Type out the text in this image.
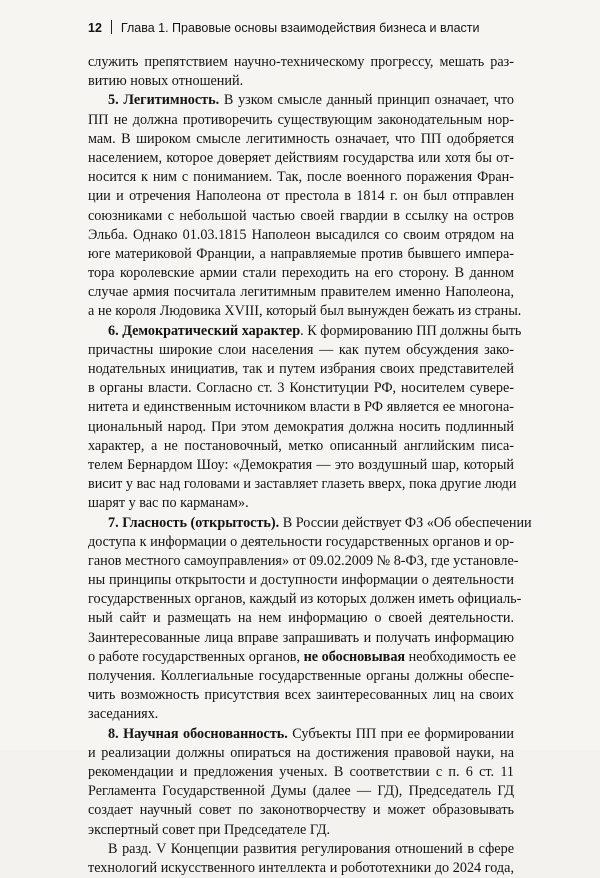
12 Глава 1. Правовые основы взаимодействия бизнеса и власти
служить препятствием научно-техническому прогрессу, мешать раз-
витию новых отношений.
5. Легитимность. В узком смысле данный принцип означает, что
ПП не должна противоречить существующим законодательным нор-
мам. В широком смысле легитимность означает, что ПП одобряется
населением, которое доверяет действиям государства или хотя бы от-
носится к ним с пониманием. Так, после военного поражения Фран-
ции и отречения Наполеона от престола в 1814 г. он был отправлен
союзниками с небольшой частью своей гвардии в ссылку на остров
Эльба. Однако 01.03.1815 Наполеон высадился со своим отрядом на
юге материковой Франции, а направляемые против бывшего импера-
тора королевские армии стали переходить на его сторону. В данном
случае армия посчитала легитимным правителем именно Наполеона,
а не короля Людовика XVIII, который был вынужден бежать из страны.
6. Демократический характер. К формированию ПП должны быть
причастны широкие слои населения — как путем обсуждения зако-
нодательных инициатив, так и путем избрания своих представителей
в органы власти. Согласно ст. 3 Конституции РФ, носителем сувере-
нитета и единственным источником власти в РФ является ее многона-
циональный народ. При этом демократия должна носить подлинный
характер, а не постановочный, метко описанный английским писа-
телем Бернардом Шоу: «Демократия — это воздушный шар, который
висит у вас над головами и заставляет глазеть вверх, пока другие люди
шарят у вас по карманам».
7. Гласность (открытость). В России действует ФЗ «Об обеспечении
доступа к информации о деятельности государственных органов и ор-
ганов местного самоуправления» от 09.02.2009 № 8-ФЗ, где установле-
ны принципы открытости и доступности информации о деятельности
государственных органов, каждый из которых должен иметь официаль-
ный сайт и размещать на нем информацию о своей деятельности.
Заинтересованные лица вправе запрашивать и получать информацию
о работе государственных органов, не обосновывая необходимость ее
получения. Коллегиальные государственные органы должны обеспе-
чить возможность присутствия всех заинтересованных лиц на своих
заседаниях.
8. Научная обоснованность. Субъекты ПП при ее формировании
и реализации должны опираться на достижения правовой науки, на
рекомендации и предложения ученых. В соответствии с п. 6 ст. 11
Регламента Государственной Думы (далее — ГД), Председатель ГД
создает научный совет по законотворчеству и может образовывать
экспертный совет при Председателе ГД.
В разд. V Концепции развития регулирования отношений в сфере
технологий искусственного интеллекта и робототехники до 2024 года,
